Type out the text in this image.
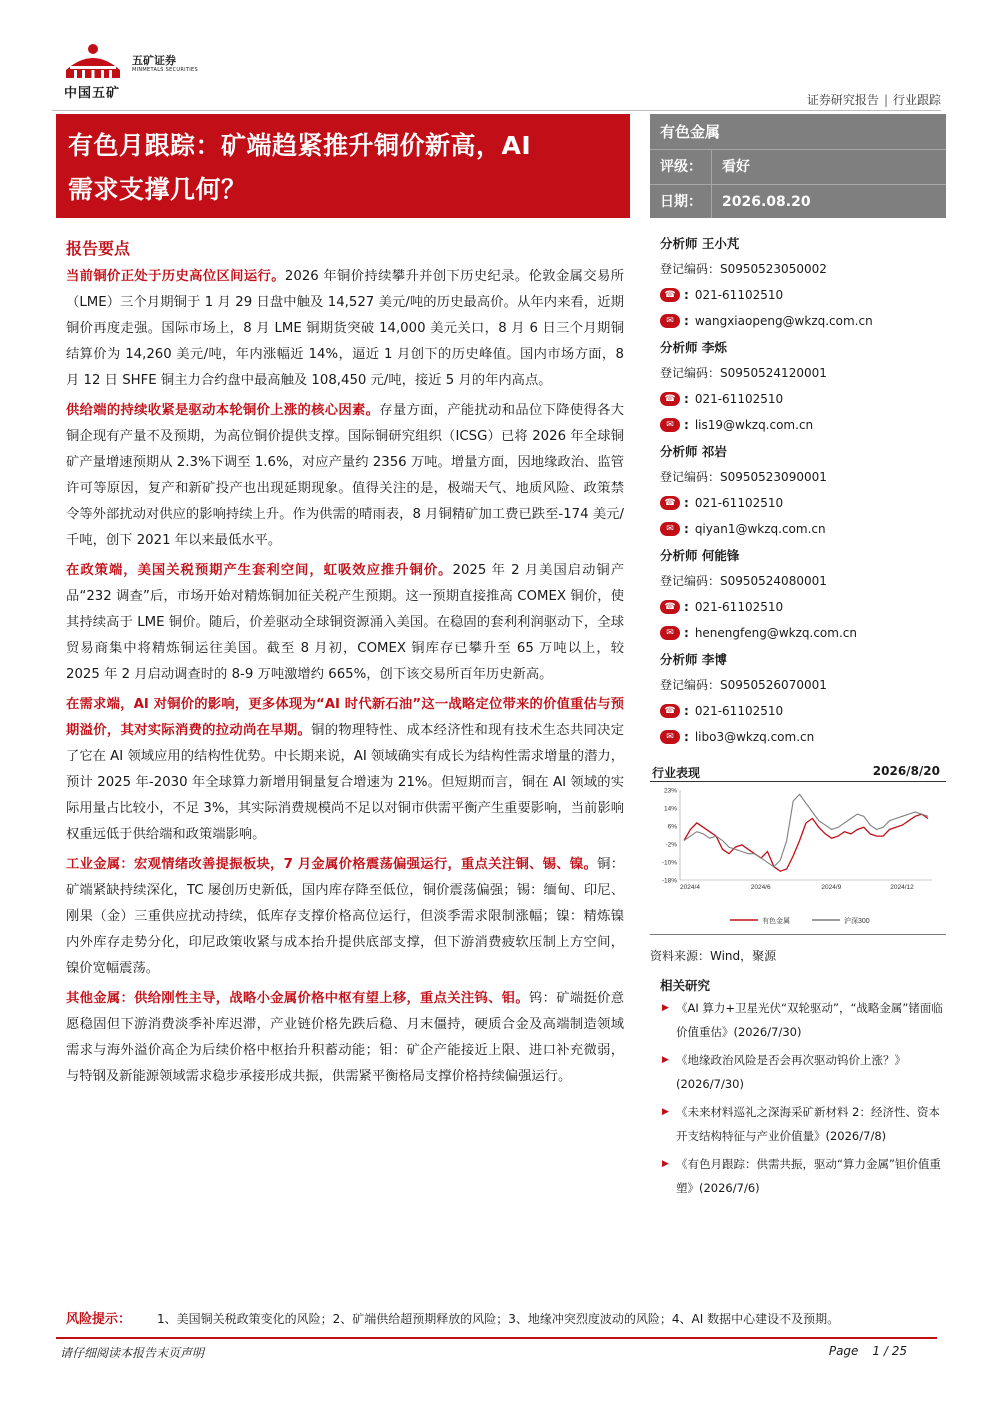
中国五矿
五矿证券
MINMETALS SECURITIES
证券研究报告 | 行业跟踪
有色月跟踪：矿端趋紧推升铜价新高，AI
需求支撑几何？
有色金属
评级：	看好
日期：	2026.08.20
报告要点

当前铜价正处于历史高位区间运行。2026 年铜价持续攀升并创下历史纪录。伦敦金属交易所（LME）三个月期铜于 1 月 29 日盘中触及 14,527 美元/吨的历史最高价。从年内来看，近期铜价再度走强。国际市场上，8 月 LME 铜期货突破 14,000 美元关口，8 月 6 日三个月期铜结算价为 14,260 美元/吨，年内涨幅近 14%，逼近 1 月创下的历史峰值。国内市场方面，8 月 12 日 SHFE 铜主力合约盘中最高触及 108,450 元/吨，接近 5 月的年内高点。

供给端的持续收紧是驱动本轮铜价上涨的核心因素。存量方面，产能扰动和品位下降使得各大铜企现有产量不及预期，为高位铜价提供支撑。国际铜研究组织（ICSG）已将 2026 年全球铜矿产量增速预期从 2.3%下调至 1.6%，对应产量约 2356 万吨。增量方面，因地缘政治、监管许可等原因，复产和新矿投产也出现延期现象。值得关注的是，极端天气、地质风险、政策禁令等外部扰动对供应的影响持续上升。作为供需的晴雨表，8 月铜精矿加工费已跌至-174 美元/千吨，创下 2021 年以来最低水平。

在政策端，美国关税预期产生套利空间，虹吸效应推升铜价。2025 年 2 月美国启动铜产品“232 调查”后，市场开始对精炼铜加征关税产生预期。这一预期直接推高 COMEX 铜价，使其持续高于 LME 铜价。随后，价差驱动全球铜资源涌入美国。在稳固的套利利润驱动下，全球贸易商集中将精炼铜运往美国。截至 8 月初，COMEX 铜库存已攀升至 65 万吨以上，较 2025 年 2 月启动调查时的 8-9 万吨激增约 665%，创下该交易所百年历史新高。

在需求端，AI 对铜价的影响，更多体现为“AI 时代新石油”这一战略定位带来的价值重估与预期溢价，其对实际消费的拉动尚在早期。铜的物理特性、成本经济性和现有技术生态共同决定了它在 AI 领域应用的结构性优势。中长期来说，AI 领域确实有成长为结构性需求增量的潜力，预计 2025 年-2030 年全球算力新增用铜量复合增速为 21%。但短期而言，铜在 AI 领域的实际用量占比较小，不足 3%，其实际消费规模尚不足以对铜市供需平衡产生重要影响，当前影响权重远低于供给端和政策端影响。

工业金属：宏观情绪改善提振板块，7 月金属价格震荡偏强运行，重点关注铜、锡、镍。铜：矿端紧缺持续深化，TC 屡创历史新低，国内库存降至低位，铜价震荡偏强；锡：缅甸、印尼、刚果（金）三重供应扰动持续，低库存支撑价格高位运行，但淡季需求限制涨幅；镍：精炼镍内外库存走势分化，印尼政策收紧与成本抬升提供底部支撑，但下游消费疲软压制上方空间，镍价宽幅震荡。

其他金属：供给刚性主导，战略小金属价格中枢有望上移，重点关注钨、钼。钨：矿端挺价意愿稳固但下游消费淡季补库迟滞，产业链价格先跌后稳、月末僵持，硬质合金及高端制造领域需求与海外溢价高企为后续价格中枢抬升积蓄动能；钼：矿企产能接近上限、进口补充微弱，与特钢及新能源领域需求稳步承接形成共振，供需紧平衡格局支撑价格持续偏强运行。

分析师 王小芃
登记编码：S0950523050002
☎ : 021-61102510
✉ : wangxiaopeng@wkzq.com.cn
分析师 李烁
登记编码：S0950524120001
☎ : 021-61102510
✉ : lis19@wkzq.com.cn
分析师 祁岩
登记编码：S0950523090001
☎ : 021-61102510
✉ : qiyan1@wkzq.com.cn
分析师 何能锋
登记编码：S0950524080001
☎ : 021-61102510
✉ : henengfeng@wkzq.com.cn
分析师 李博
登记编码：S0950526070001
☎ : 021-61102510
✉ : libo3@wkzq.com.cn
行业表现	2026/8/20
23%
14%
6%
-2%
-10%
-18%
2024/4	2024/6	2024/9	2024/12
有色金属	沪深300
资料来源：Wind，聚源
相关研究
▶ 《AI 算力+卫星光伏“双轮驱动”，“战略金属”锗面临价值重估》(2026/7/30)
▶ 《地缘政治风险是否会再次驱动钨价上涨？》(2026/7/30)
▶ 《未来材料巡礼之深海采矿新材料 2：经济性、资本开支结构特征与产业价值量》(2026/7/8)
▶ 《有色月跟踪：供需共振，驱动“算力金属”钽价值重塑》(2026/7/6)
风险提示： 1、美国铜关税政策变化的风险；2、矿端供给超预期释放的风险；3、地缘冲突烈度波动的风险；4、AI 数据中心建设不及预期。
请仔细阅读本报告末页声明	Page 1 / 25
